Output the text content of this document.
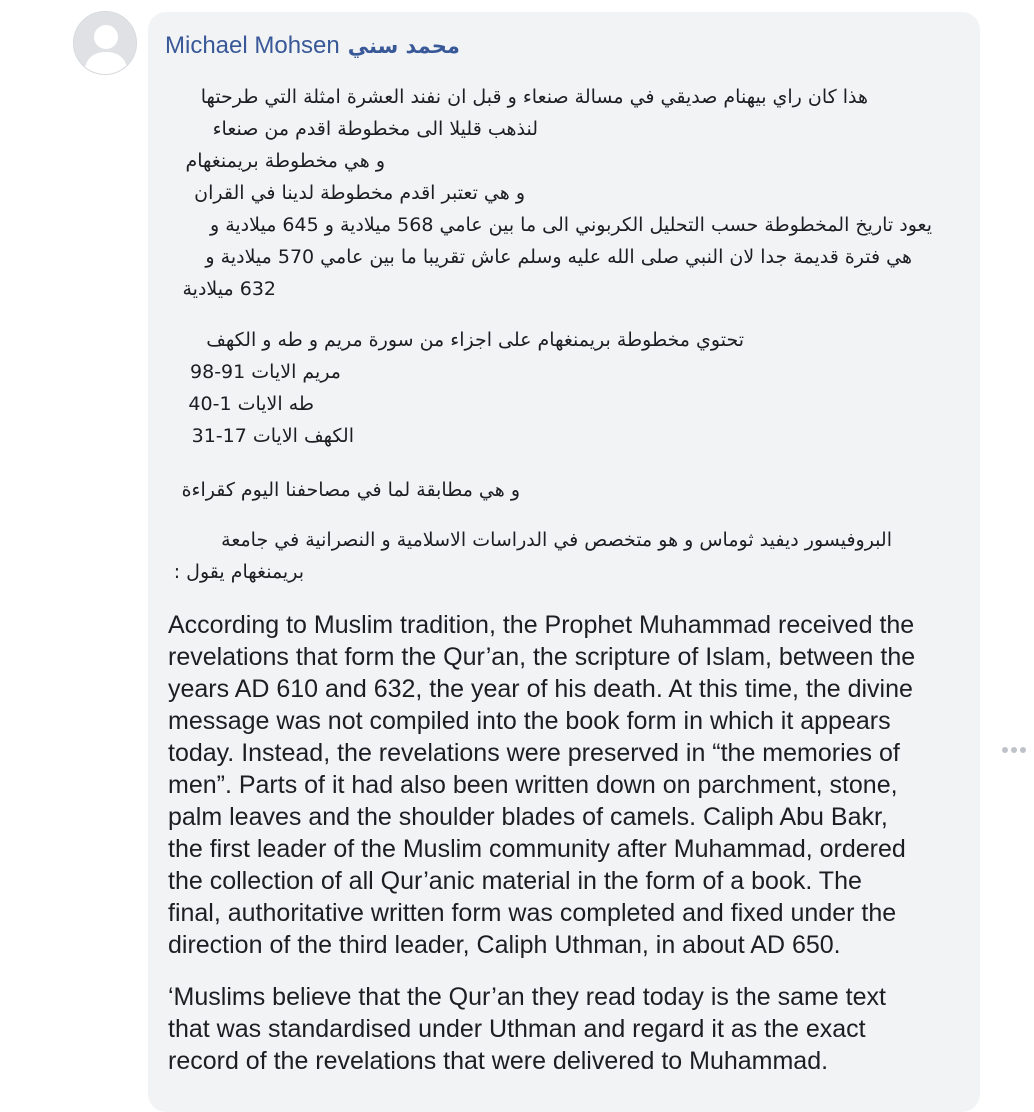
Michael Mohsen محمد سني
هذا كان راي بيهنام صديقي في مسالة صنعاء و قبل ان نفند العشرة امثلة التي طرحتها
لنذهب قليلا الى مخطوطة اقدم من صنعاء
و هي مخطوطة بريمنغهام
و هي تعتبر اقدم مخطوطة لدينا في القران
يعود تاريخ المخطوطة حسب التحليل الكربوني الى ما بين عامي 568 ميلادية و 645 ميلادية و
هي فترة قديمة جدا لان النبي صلى الله عليه وسلم عاش تقريبا ما بين عامي 570 ميلادية و
632 ميلادية
تحتوي مخطوطة بريمنغهام على اجزاء من سورة مريم و طه و الكهف
مريم الايات 91-98
طه الايات 1-40
الكهف الايات 17-31
و هي مطابقة لما في مصاحفنا اليوم كقراءة
البروفيسور ديفيد ثوماس و هو متخصص في الدراسات الاسلامية و النصرانية في جامعة
بريمنغهام يقول :
According to Muslim tradition, the Prophet Muhammad received the
revelations that form the Qur’an, the scripture of Islam, between the
years AD 610 and 632, the year of his death. At this time, the divine
message was not compiled into the book form in which it appears
today. Instead, the revelations were preserved in “the memories of
men”. Parts of it had also been written down on parchment, stone,
palm leaves and the shoulder blades of camels. Caliph Abu Bakr,
the first leader of the Muslim community after Muhammad, ordered
the collection of all Qur’anic material in the form of a book. The
final, authoritative written form was completed and fixed under the
direction of the third leader, Caliph Uthman, in about AD 650.
‘Muslims believe that the Qur’an they read today is the same text
that was standardised under Uthman and regard it as the exact
record of the revelations that were delivered to Muhammad.
